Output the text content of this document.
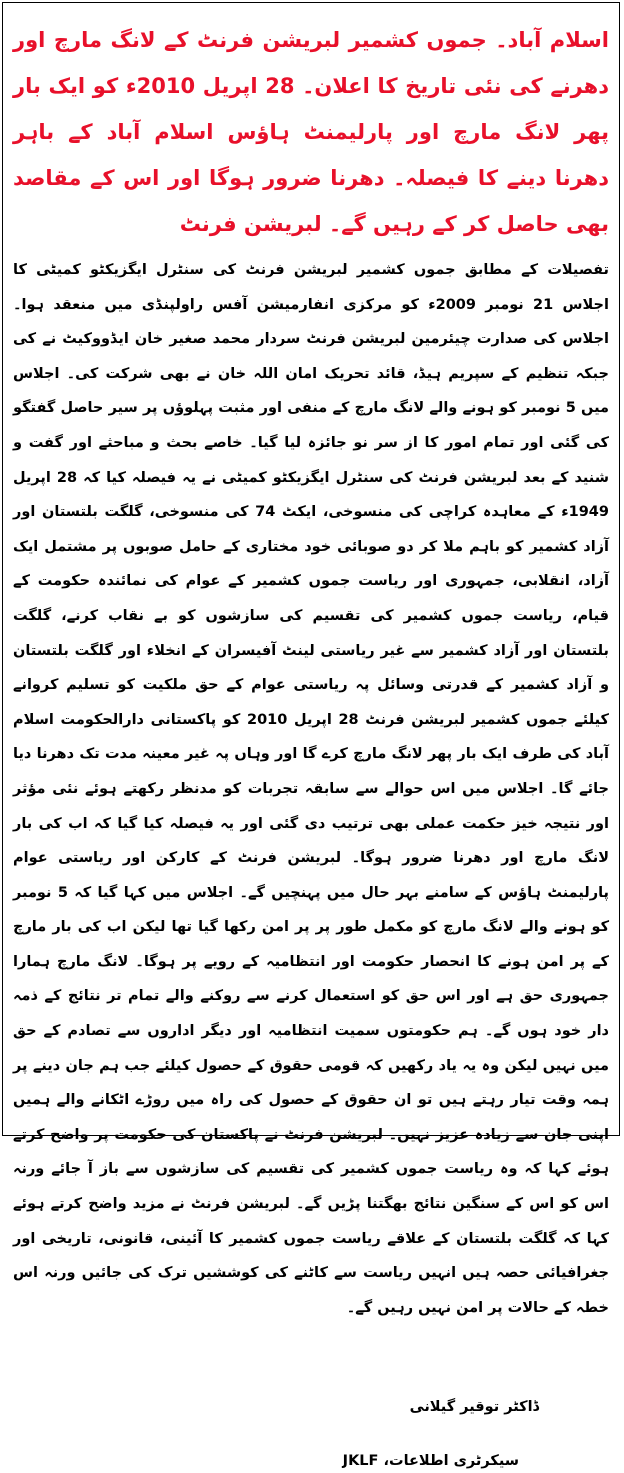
اسلام آباد۔ جموں کشمیر لبریشن فرنٹ کے لانگ مارچ اور دھرنے کی نئی تاریخ کا اعلان۔ 28 اپریل 2010ء کو ایک بار پھر لانگ مارچ اور پارلیمنٹ ہاؤس اسلام آباد کے باہر دھرنا دینے کا فیصلہ۔ دھرنا ضرور ہوگا اور اس کے مقاصد بھی حاصل کر کے رہیں گے۔ لبریشن فرنٹ

تفصیلات کے مطابق جموں کشمیر لبریشن فرنٹ کی سنٹرل ایگزیکٹو کمیٹی کا اجلاس 21 نومبر 2009ء کو مرکزی انفارمیشن آفس راولپنڈی میں منعقد ہوا۔ اجلاس کی صدارت چیئرمین لبریشن فرنٹ سردار محمد صغیر خان ایڈووکیٹ نے کی جبکہ تنظیم کے سپریم ہیڈ، قائد تحریک امان اللہ خان نے بھی شرکت کی۔ اجلاس میں 5 نومبر کو ہونے والے لانگ مارچ کے منفی اور مثبت پہلوؤں پر سیر حاصل گفتگو کی گئی اور تمام امور کا از سر نو جائزہ لیا گیا۔ خاصے بحث و مباحثے اور گفت و شنید کے بعد لبریشن فرنٹ کی سنٹرل ایگزیکٹو کمیٹی نے یہ فیصلہ کیا کہ 28 اپریل 1949ء کے معاہدہ کراچی کی منسوخی، ایکٹ 74 کی منسوخی، گلگت بلتستان اور آزاد کشمیر کو باہم ملا کر دو صوبائی خود مختاری کے حامل صوبوں پر مشتمل ایک آزاد، انقلابی، جمہوری اور ریاست جموں کشمیر کے عوام کی نمائندہ حکومت کے قیام، ریاست جموں کشمیر کی تقسیم کی سازشوں کو بے نقاب کرنے، گلگت بلتستان اور آزاد کشمیر سے غیر ریاستی لینٹ آفیسران کے انخلاء اور گلگت بلتستان و آزاد کشمیر کے قدرتی وسائل پہ ریاستی عوام کے حق ملکیت کو تسلیم کروانے کیلئے جموں کشمیر لبریشن فرنٹ 28 اپریل 2010 کو پاکستانی دارالحکومت اسلام آباد کی طرف ایک بار پھر لانگ مارچ کرے گا اور وہاں پہ غیر معینہ مدت تک دھرنا دیا جائے گا۔ اجلاس میں اس حوالے سے سابقہ تجربات کو مدنظر رکھتے ہوئے نئی مؤثر اور نتیجہ خیز حکمت عملی بھی ترتیب دی گئی اور یہ فیصلہ کیا گیا کہ اب کی بار لانگ مارچ اور دھرنا ضرور ہوگا۔ لبریشن فرنٹ کے کارکن اور ریاستی عوام پارلیمنٹ ہاؤس کے سامنے بہر حال میں پہنچیں گے۔ اجلاس میں کہا گیا کہ 5 نومبر کو ہونے والے لانگ مارچ کو مکمل طور پر پر امن رکھا گیا تھا لیکن اب کی بار مارچ کے پر امن ہونے کا انحصار حکومت اور انتظامیہ کے رویے پر ہوگا۔ لانگ مارچ ہمارا جمہوری حق ہے اور اس حق کو استعمال کرنے سے روکنے والے تمام تر نتائج کے ذمہ دار خود ہوں گے۔ ہم حکومتوں سمیت انتظامیہ اور دیگر اداروں سے تصادم کے حق میں نہیں لیکن وہ یہ یاد رکھیں کہ قومی حقوق کے حصول کیلئے جب ہم جان دینے پر ہمہ وقت تیار رہتے ہیں تو ان حقوق کے حصول کی راہ میں روڑے اٹکانے والے ہمیں اپنی جان سے زیادہ عزیز نہیں۔ لبریشن فرنٹ نے پاکستان کی حکومت پر واضح کرتے ہوئے کہا کہ وہ ریاست جموں کشمیر کی تقسیم کی سازشوں سے باز آ جائے ورنہ اس کو اس کے سنگین نتائج بھگتنا پڑیں گے۔ لبریشن فرنٹ نے مزید واضح کرتے ہوئے کہا کہ گلگت بلتستان کے علاقے ریاست جموں کشمیر کا آئینی، قانونی، تاریخی اور جغرافیائی حصہ ہیں انہیں ریاست سے کاٹنے کی کوششیں ترک کی جائیں ورنہ اس خطہ کے حالات پر امن نہیں رہیں گے۔

ڈاکٹر توقیر گیلانی
سیکرٹری اطلاعات، JKLF
